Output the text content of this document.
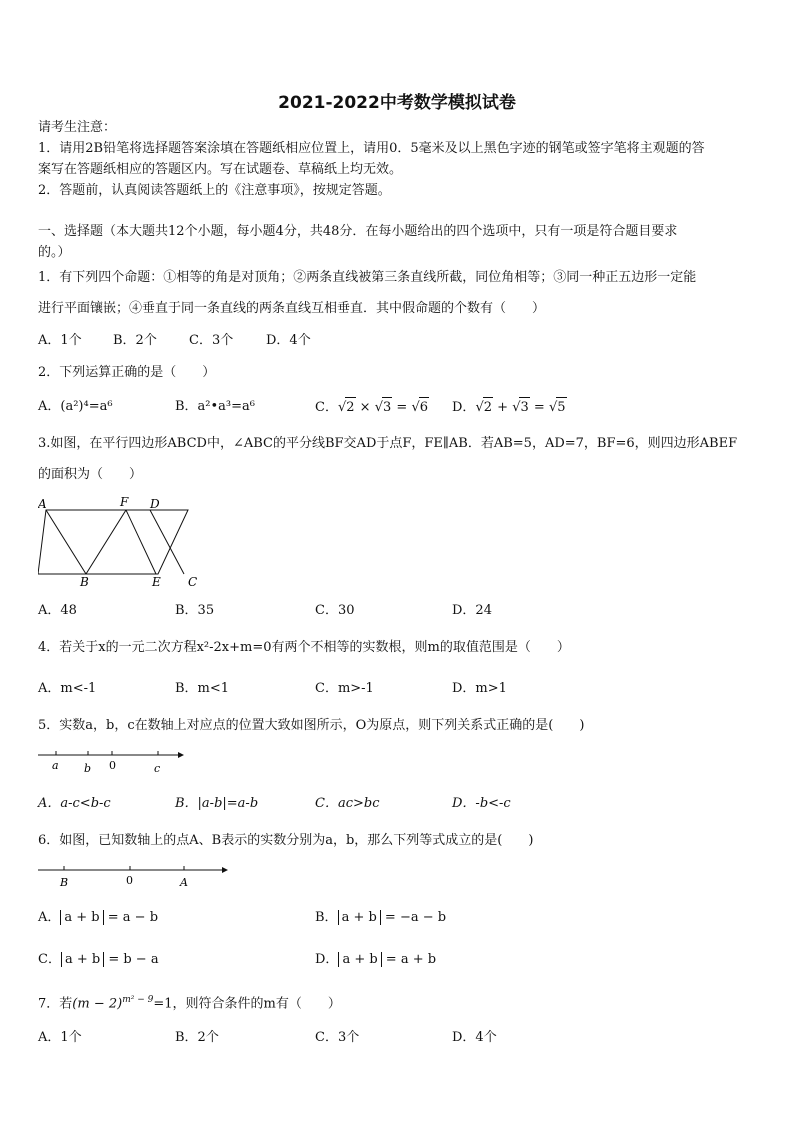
2021-2022中考数学模拟试卷
请考生注意：
1．请用2B铅笔将选择题答案涂填在答题纸相应位置上，请用0．5毫米及以上黑色字迹的钢笔或签字笔将主观题的答
案写在答题纸相应的答题区内。写在试题卷、草稿纸上均无效。
2．答题前，认真阅读答题纸上的《注意事项》，按规定答题。
一、选择题（本大题共12个小题，每小题4分，共48分．在每小题给出的四个选项中，只有一项是符合题目要求
的。）
1．有下列四个命题：①相等的角是对顶角；②两条直线被第三条直线所截，同位角相等；③同一种正五边形一定能
进行平面镶嵌；④垂直于同一条直线的两条直线互相垂直．其中假命题的个数有（　　）
A．1个 B．2个 C．3个	D．4个
2．下列运算正确的是（　　）
A．(a²)⁴=a⁶	B．a²•a³=a⁶	C．√2 × √3 = √6 D．√2 + √3 = √5
3.如图，在平行四边形ABCD中，∠ABC的平分线BF交AD于点F，FE∥AB．若AB=5，AD=7，BF=6，则四边形ABEF
的面积为（　　）
A	F D
B	E C
A．48	B．35	C．30	D．24
4．若关于x的一元二次方程x²-2x+m=0有两个不相等的实数根，则m的取值范围是（　　）
A．m<-1	B．m<1	C．m>-1	D．m>1
5．实数a，b，c在数轴上对应点的位置大致如图所示，O为原点，则下列关系式正确的是(　　)
a b 0	c
A．a-c<b-c	B．|a-b|=a-b	C．ac>bc	D．-b<-c
6．如图，已知数轴上的点A、B表示的实数分别为a，b，那么下列等式成立的是(　　)
B	0	A
A． a + b = a − b	B． a + b = −a − b
C． a + b = b − a	D． a + b = a + b
7．若$(m - 2)^{m^2 - 9}=1$，则符合条件的m有（　　）
A．1个	B．2个	C．3个	D．4个
